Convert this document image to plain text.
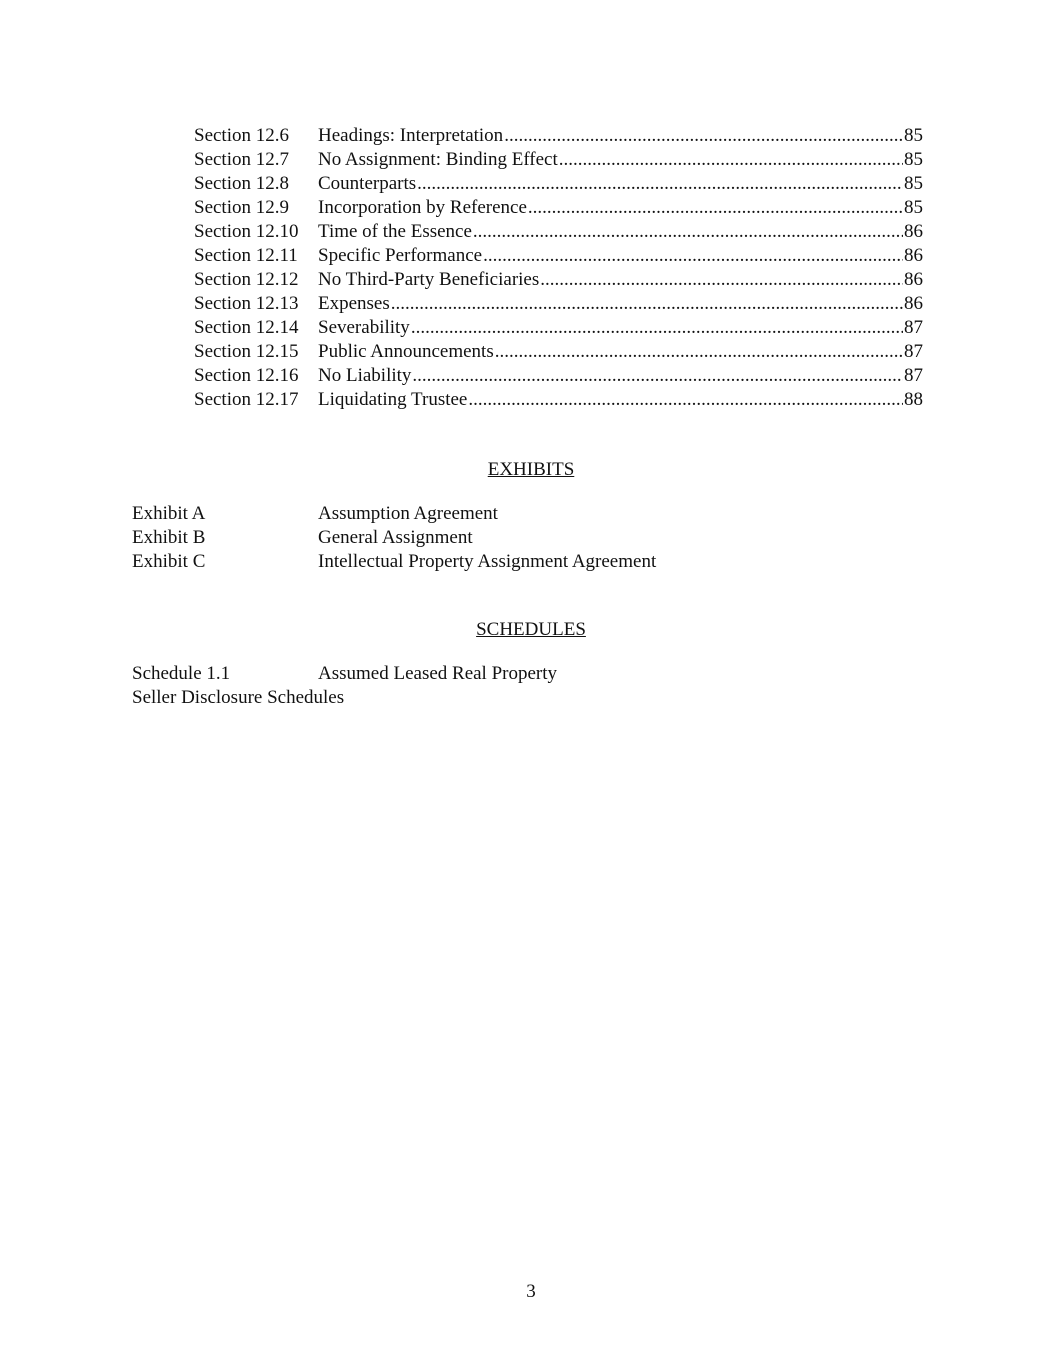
Section 12.6	Headings: Interpretation .....	85
Section 12.7	No Assignment: Binding Effect .....	85
Section 12.8	Counterparts .....	85
Section 12.9	Incorporation by Reference .....	85
Section 12.10	Time of the Essence .....	86
Section 12.11	Specific Performance .....	86
Section 12.12	No Third-Party Beneficiaries .....	86
Section 12.13	Expenses .....	86
Section 12.14	Severability .....	87
Section 12.15	Public Announcements .....	87
Section 12.16	No Liability .....	87
Section 12.17	Liquidating Trustee .....	88
EXHIBITS
Exhibit A	Assumption Agreement
Exhibit B	General Assignment
Exhibit C	Intellectual Property Assignment Agreement
SCHEDULES
Schedule 1.1	Assumed Leased Real Property
Seller Disclosure Schedules
3
